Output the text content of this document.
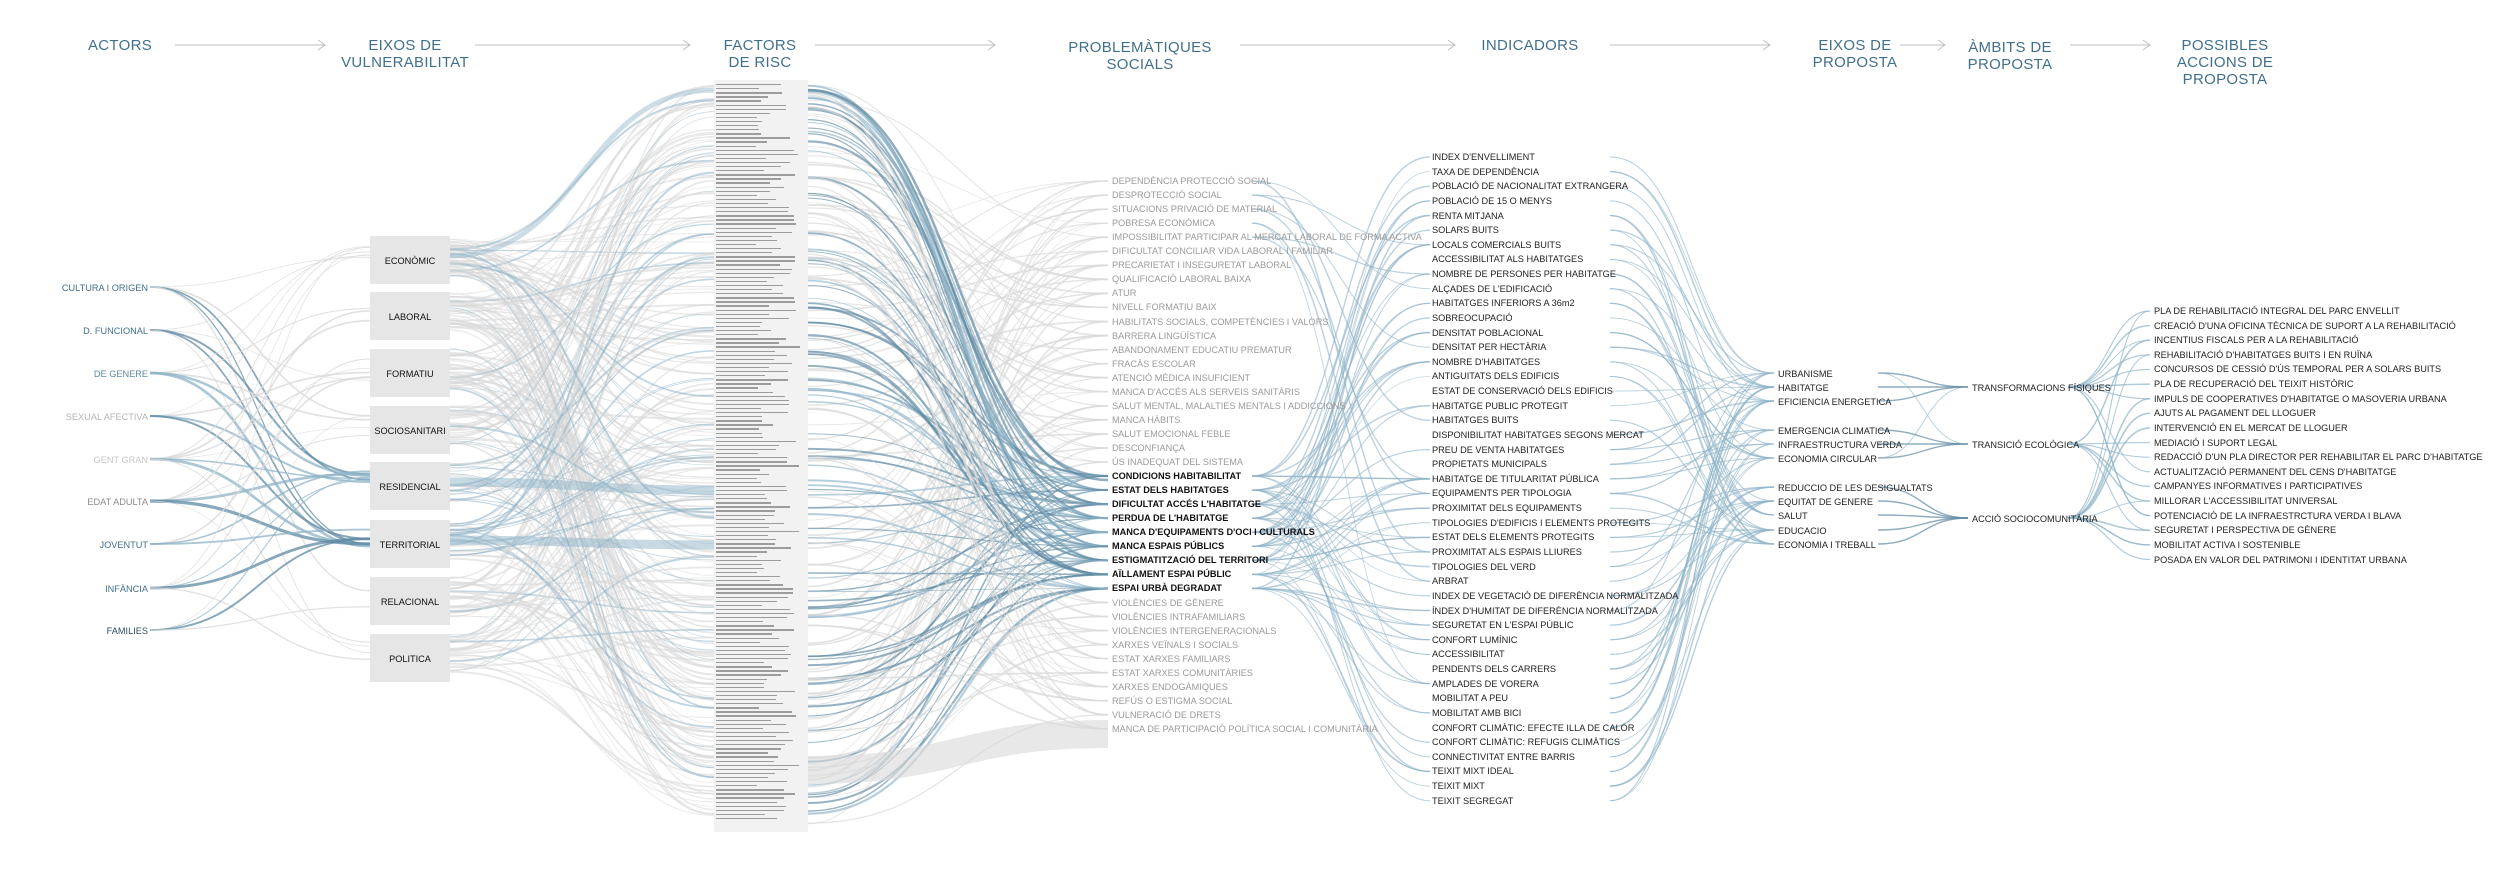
ACTORS	EIXOS DE
VULNERABILITAT
FACTORS
DE RISC
PROBLEMÀTIQUES
SOCIALS
INDICADORS	EIXOS DE
PROPOSTA
ÀMBITS DE
PROPOSTA
POSSIBLES
ACCIONS DE
PROPOSTA
CULTURA I ORIGEN
D. FUNCIONAL
DE GENERE
SEXUAL AFECTIVA
GENT GRAN
EDAT ADULTA
JOVENTUT
INFÀNCIA
FAMILIES
ECONÒMIC
LABORAL
FORMATIU
SOCIOSANITARI
RESIDENCIAL
TERRITORIAL
RELACIONAL
POLITICA
DEPENDÈNCIA PROTECCIÓ SOCIAL
DESPROTECCIÓ SOCIAL
SITUACIONS PRIVACIÓ DE MATERIAL
POBRESA ECONÒMICA
IMPOSSIBILITAT PARTICIPAR AL MERCAT LABORAL DE FORMA ACTIVA
DIFICULTAT CONCILIAR VIDA LABORAL I FAMILIAR
PRECARIETAT I INSEGURETAT LABORAL
QUALIFICACIÓ LABORAL BAIXA
ATUR
NIVELL FORMATIU BAIX
HABILITATS SOCIALS, COMPETÈNCIES I VALORS
BARRERA LINGÜÍSTICA
ABANDONAMENT EDUCATIU PREMATUR
FRACÀS ESCOLAR
ATENCIÓ MÈDICA INSUFICIENT
MANCA D'ACCÉS ALS SERVEIS SANITÀRIS
SALUT MENTAL, MALALTIES MENTALS I ADDICCIONS
MANCA HÀBITS
SALUT EMOCIONAL FEBLE
DESCONFIANÇA
ÚS INADEQUAT DEL SISTEMA
CONDICIONS HABITABILITAT
ESTAT DELS HABITATGES
DIFICULTAT ACCÉS L'HABITATGE
PERDUA DE L'HABITATGE
MANCA D'EQUIPAMENTS D'OCI I CULTURALS
MANCA ESPAIS PÚBLICS
ESTIGMATITZACIÓ DEL TERRITORI
AÏLLAMENT ESPAI PÚBLIC
ESPAI URBÀ DEGRADAT
VIOLÈNCIES DE GÈNERE
VIOLÈNCIES INTRAFAMILIARS
VIOLÈNCIES INTERGENERACIONALS
XARXES VEÏNALS I SOCIALS
ESTAT XARXES FAMILIARS
ESTAT XARXES COMUNITÀRIES
XARXES ENDOGÀMIQUES
REFÚS O ESTIGMA SOCIAL
VULNERACIÓ DE DRETS
MANCA DE PARTICIPACIÓ POLÍTICA SOCIAL I COMUNITÀRIA
INDEX D'ENVELLIMENT
TAXA DE DEPENDÈNCIA
POBLACIÓ DE NACIONALITAT EXTRANGERA
POBLACIÓ DE 15 O MENYS
RENTA MITJANA
SOLARS BUITS
LOCALS COMERCIALS BUITS
ACCESSIBILITAT ALS HABITATGES
NOMBRE DE PERSONES PER HABITATGE
ALÇADES DE L'EDIFICACIÓ
HABITATGES INFERIORS A 36m2
SOBREOCUPACIÓ
DENSITAT POBLACIONAL
DENSITAT PER HECTÀRIA
NOMBRE D'HABITATGES
ANTIGUITATS DELS EDIFICIS
ESTAT DE CONSERVACIÓ DELS EDIFICIS
HABITATGE PUBLIC PROTEGIT
HABITATGES BUITS
DISPONIBILITAT HABITATGES SEGONS MERCAT
PREU DE VENTA HABITATGES
PROPIETATS MUNICIPALS
HABITATGE DE TITULARITAT PÚBLICA
EQUIPAMENTS PER TIPOLOGIA
PROXIMITAT DELS EQUIPAMENTS
TIPOLOGIES D'EDIFICIS I ELEMENTS PROTEGITS
ESTAT DELS ELEMENTS PROTEGITS
PROXIMITAT ALS ESPAIS LLIURES
TIPOLOGIES DEL VERD
ARBRAT
INDEX DE VEGETACIÓ DE DIFERÈNCIA NORMALITZADA
ÍNDEX D'HUMITAT DE DIFERÈNCIA NORMALITZADA
SEGURETAT EN L'ESPAI PÚBLIC
CONFORT LUMÍNIC
ACCESSIBILITAT
PENDENTS DELS CARRERS
AMPLADES DE VORERA
MOBILITAT A PEU
MOBILITAT AMB BICI
CONFORT CLIMÀTIC: EFECTE ILLA DE CALOR
CONFORT CLIMÀTIC: REFUGIS CLIMÀTICS
CONNECTIVITAT ENTRE BARRIS
TEIXIT MIXT IDEAL
TEIXIT MIXT
TEIXIT SEGREGAT
URBANISME
HABITATGE
EFICIENCIA ENERGETICA
EMERGENCIA CLIMATICA
INFRAESTRUCTURA VERDA
ECONOMIA CIRCULAR
REDUCCIO DE LES DESIGUALTATS
EQUITAT DE GENERE
SALUT
EDUCACIO
ECONOMIA I TREBALL
TRANSFORMACIONS FÍSIQUES
TRANSICIÓ ECOLÒGICA
ACCIÓ SOCIOCOMUNITÀRIA
PLA DE REHABILITACIÓ INTEGRAL DEL PARC ENVELLIT
CREACIÓ D'UNA OFICINA TÈCNICA DE SUPORT A LA REHABILITACIÓ
INCENTIUS FISCALS PER A LA REHABILITACIÓ
REHABILITACIÓ D'HABITATGES BUITS I EN RUÏNA
CONCURSOS DE CESSIÓ D'ÚS TEMPORAL PER A SOLARS BUITS
PLA DE RECUPERACIÓ DEL TEIXIT HISTÒRIC
IMPULS DE COOPERATIVES D'HABITATGE O MASOVERIA URBANA
AJUTS AL PAGAMENT DEL LLOGUER
INTERVENCIÓ EN EL MERCAT DE LLOGUER
MEDIACIÓ I SUPORT LEGAL
REDACCIÓ D'UN PLA DIRECTOR PER REHABILITAR EL PARC D'HABITATGE
ACTUALITZACIÓ PERMANENT DEL CENS D'HABITATGE
CAMPANYES INFORMATIVES I PARTICIPATIVES
MILLORAR L'ACCESSIBILITAT UNIVERSAL
POTENCIACIÓ DE LA INFRAESTRCTURA VERDA I BLAVA
SEGURETAT I PERSPECTIVA DE GÈNERE
MOBILITAT ACTIVA I SOSTENIBLE
POSADA EN VALOR DEL PATRIMONI I IDENTITAT URBANA
